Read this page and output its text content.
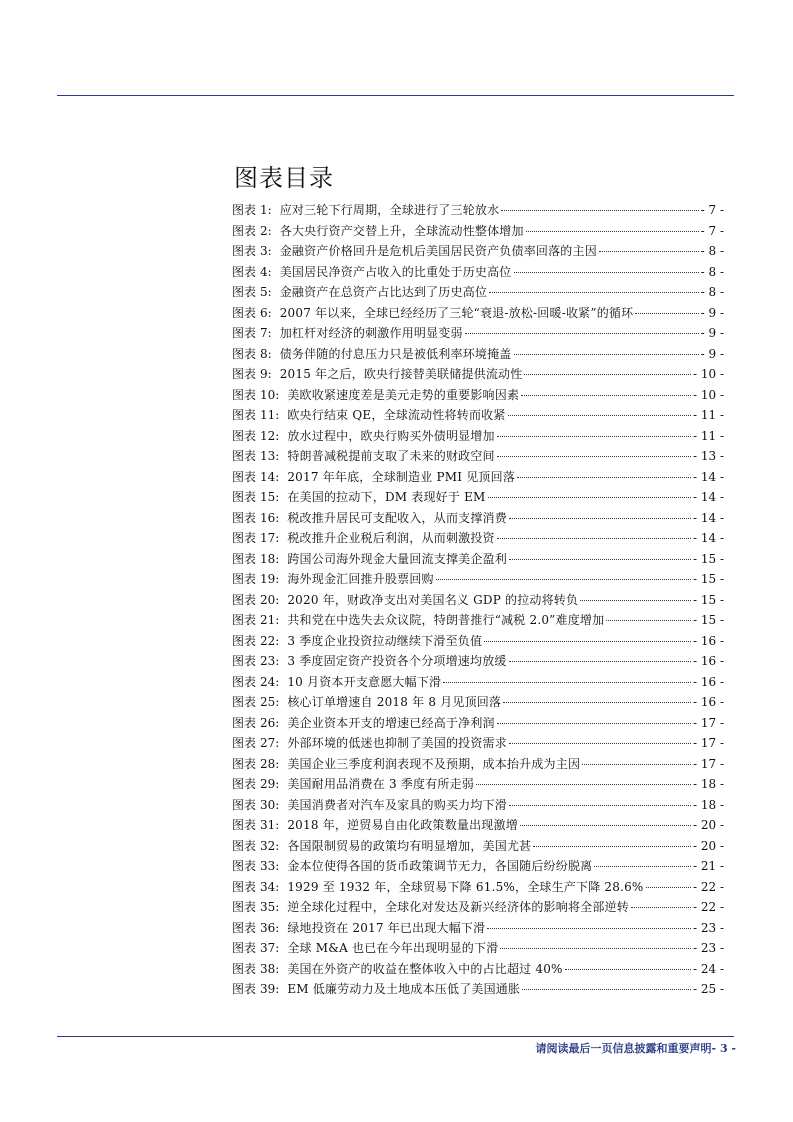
图表目录
图表 1 : 应对三轮下行周期，全球进行了三轮放水	- 7 -
图表 2 : 各大央行资产交替上升，全球流动性整体增加	- 7 -
图表 3 : 金融资产价格回升是危机后美国居民资产负债率回落的主因	- 8 -
图表 4 : 美国居民净资产占收入的比重处于历史高位	- 8 -
图表 5 : 金融资产在总资产占比达到了历史高位	- 8 -
图表 6 : 2007 年以来，全球已经经历了三轮“衰退-放松-回暖-收紧”的循环	- 9 -
图表 7 : 加杠杆对经济的刺激作用明显变弱	- 9 -
图表 8 : 债务伴随的付息压力只是被低利率环境掩盖	- 9 -
图表 9 : 2015 年之后，欧央行接替美联储提供流动性	- 10 -
图表 10 : 美欧收紧速度差是美元走势的重要影响因素	- 10 -
图表 11 : 欧央行结束 QE，全球流动性将转而收紧	- 11 -
图表 12 : 放水过程中，欧央行购买外债明显增加	- 11 -
图表 13 : 特朗普减税提前支取了未来的财政空间	- 13 -
图表 14 : 2017 年年底，全球制造业 PMI 见顶回落	- 14 -
图表 15 : 在美国的拉动下，DM 表现好于 EM	- 14 -
图表 16 : 税改推升居民可支配收入，从而支撑消费	- 14 -
图表 17 : 税改推升企业税后利润，从而刺激投资	- 14 -
图表 18 : 跨国公司海外现金大量回流支撑美企盈利	- 15 -
图表 19 : 海外现金汇回推升股票回购	- 15 -
图表 20 : 2020 年，财政净支出对美国名义 GDP 的拉动将转负	- 15 -
图表 21 : 共和党在中选失去众议院，特朗普推行“减税 2.0”难度增加	- 15 -
图表 22 : 3 季度企业投资拉动继续下滑至负值	- 16 -
图表 23 : 3 季度固定资产投资各个分项增速均放缓	- 16 -
图表 24 : 10 月资本开支意愿大幅下滑	- 16 -
图表 25 : 核心订单增速自 2018 年 8 月见顶回落	- 16 -
图表 26 : 美企业资本开支的增速已经高于净利润	- 17 -
图表 27 : 外部环境的低迷也抑制了美国的投资需求	- 17 -
图表 28 : 美国企业三季度利润表现不及预期，成本抬升成为主因	- 17 -
图表 29 : 美国耐用品消费在 3 季度有所走弱	- 18 -
图表 30 : 美国消费者对汽车及家具的购买力均下滑	- 18 -
图表 31 : 2018 年，逆贸易自由化政策数量出现激增	- 20 -
图表 32 : 各国限制贸易的政策均有明显增加，美国尤甚	- 20 -
图表 33 : 金本位使得各国的货币政策调节无力，各国随后纷纷脱离	- 21 -
图表 34 : 1929 至 1932 年，全球贸易下降 61.5%，全球生产下降 28.6%	- 22 -
图表 35 : 逆全球化过程中，全球化对发达及新兴经济体的影响将全部逆转	- 22 -
图表 36 : 绿地投资在 2017 年已出现大幅下滑	- 23 -
图表 37 : 全球 M&A 也已在今年出现明显的下滑	- 23 -
图表 38 : 美国在外资产的收益在整体收入中的占比超过 40%	- 24 -
图表 39 : EM 低廉劳动力及土地成本压低了美国通胀	- 25 -
请阅读最后一页信息披露和重要声明- 3 -
